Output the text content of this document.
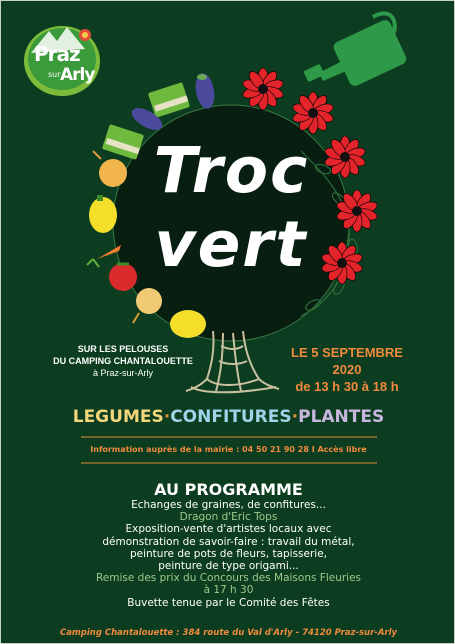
Troc
vert
Praz
sur Arly
SUR LES PELOUSES
DU CAMPING CHANTALOUETTE
à Praz-sur-Arly
LE 5 SEPTEMBRE 2020
de 13 h 30 à 18 h
LEGUMES·CONFITURES·PLANTES
Information auprès de la mairie : 04 50 21 90 28 I Accès libre
AU PROGRAMME
Echanges de graines, de confitures...
Dragon d'Eric Tops
Exposition-vente d'artistes locaux avec
démonstration de savoir-faire : travail du métal,
peinture de pots de fleurs, tapisserie,
peinture de type origami...
Remise des prix du Concours des Maisons Fleuries
à 17 h 30
Buvette tenue par le Comité des Fêtes
Camping Chantalouette : 384 route du Val d'Arly - 74120 Praz-sur-Arly
